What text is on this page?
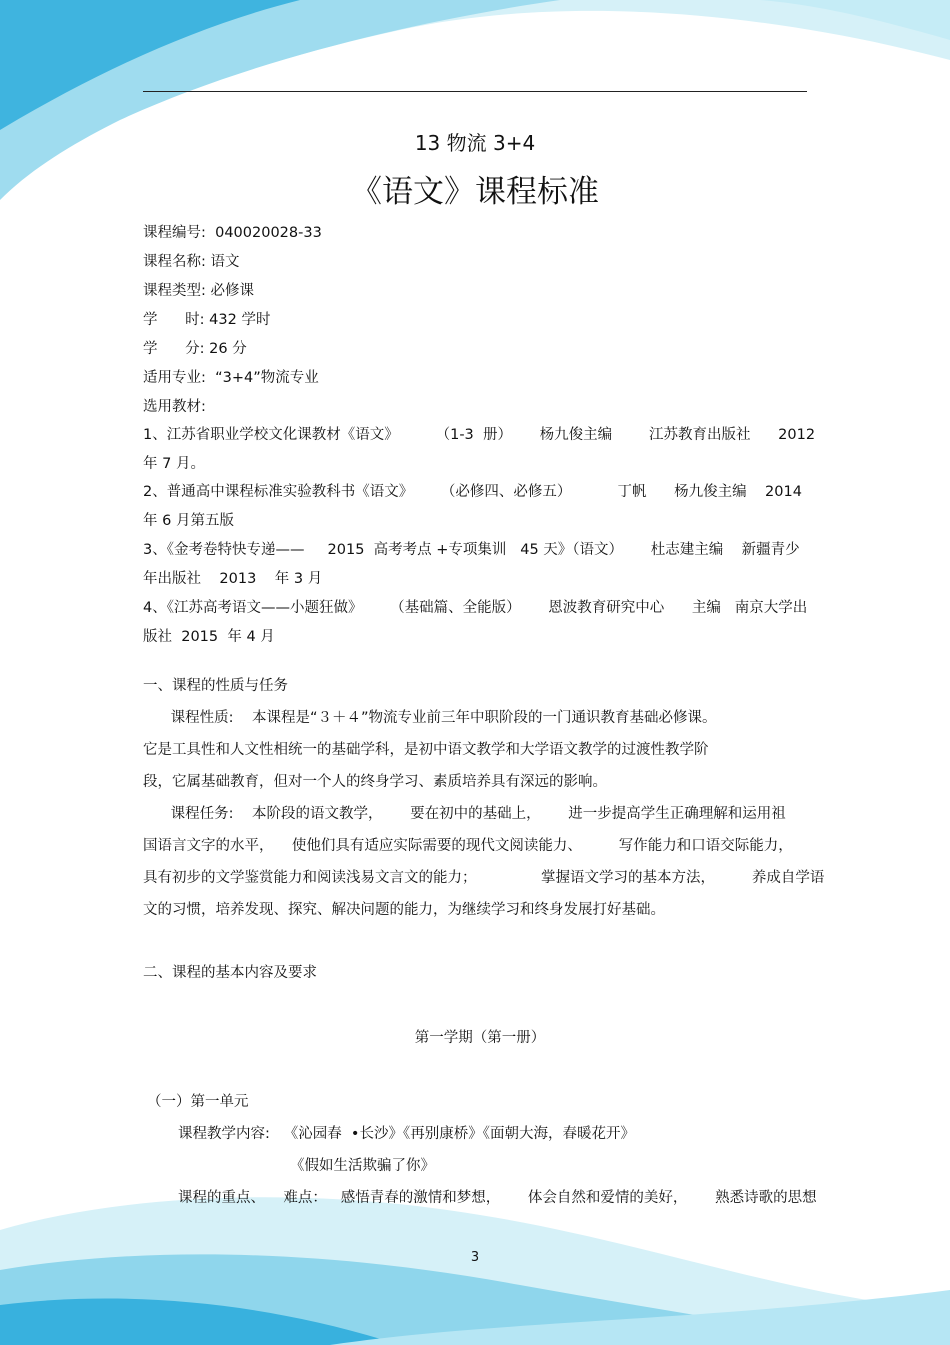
13 物流 3+4
《语文》课程标准
课程编号: 040020028-33
课程名称: 语文
课程类型: 必修课
学      时: 432 学时
学      分: 26 分
适用专业: “3+4”物流专业
选用教材:
1、江苏省职业学校文化课教材《语文》        （1-3  册）      杨九俊主编        江苏教育出版社      2012
年 7 月。
2、普通高中课程标准实验教科书《语文》      （必修四、必修五）          丁帆      杨九俊主编    2014
年 6 月第五版
3、《金考卷特快专递——     2015  高考考点 +专项集训   45 天》（语文）      杜志建主编    新疆青少
年出版社    2013    年 3 月
4、《江苏高考语文——小题狂做》      （基础篇、全能版）      恩波教育研究中心      主编   南京大学出
版社  2015  年 4 月
一、课程的性质与任务
课程性质:    本课程是“３＋４”物流专业前三年中职阶段的一门通识教育基础必修课。
它是工具性和人文性相统一的基础学科，是初中语文教学和大学语文教学的过渡性教学阶
段，它属基础教育，但对一个人的终身学习、素质培养具有深远的影响。
课程任务:    本阶段的语文教学，      要在初中的基础上，      进一步提高学生正确理解和运用祖
国语言文字的水平，    使他们具有适应实际需要的现代文阅读能力、        写作能力和口语交际能力，
具有初步的文学鉴赏能力和阅读浅易文言文的能力；              掌握语文学习的基本方法，        养成自学语
文的习惯，培养发现、探究、解决问题的能力，为继续学习和终身发展打好基础。
二、课程的基本内容及要求
第一学期（第一册）
（一）第一单元
课程教学内容: 《沁园春  •长沙》《再别康桥》《面朝大海，春暖花开》
《假如生活欺骗了你》
课程的重点、    难点：   感悟青春的激情和梦想，      体会自然和爱情的美好，      熟悉诗歌的思想
3
